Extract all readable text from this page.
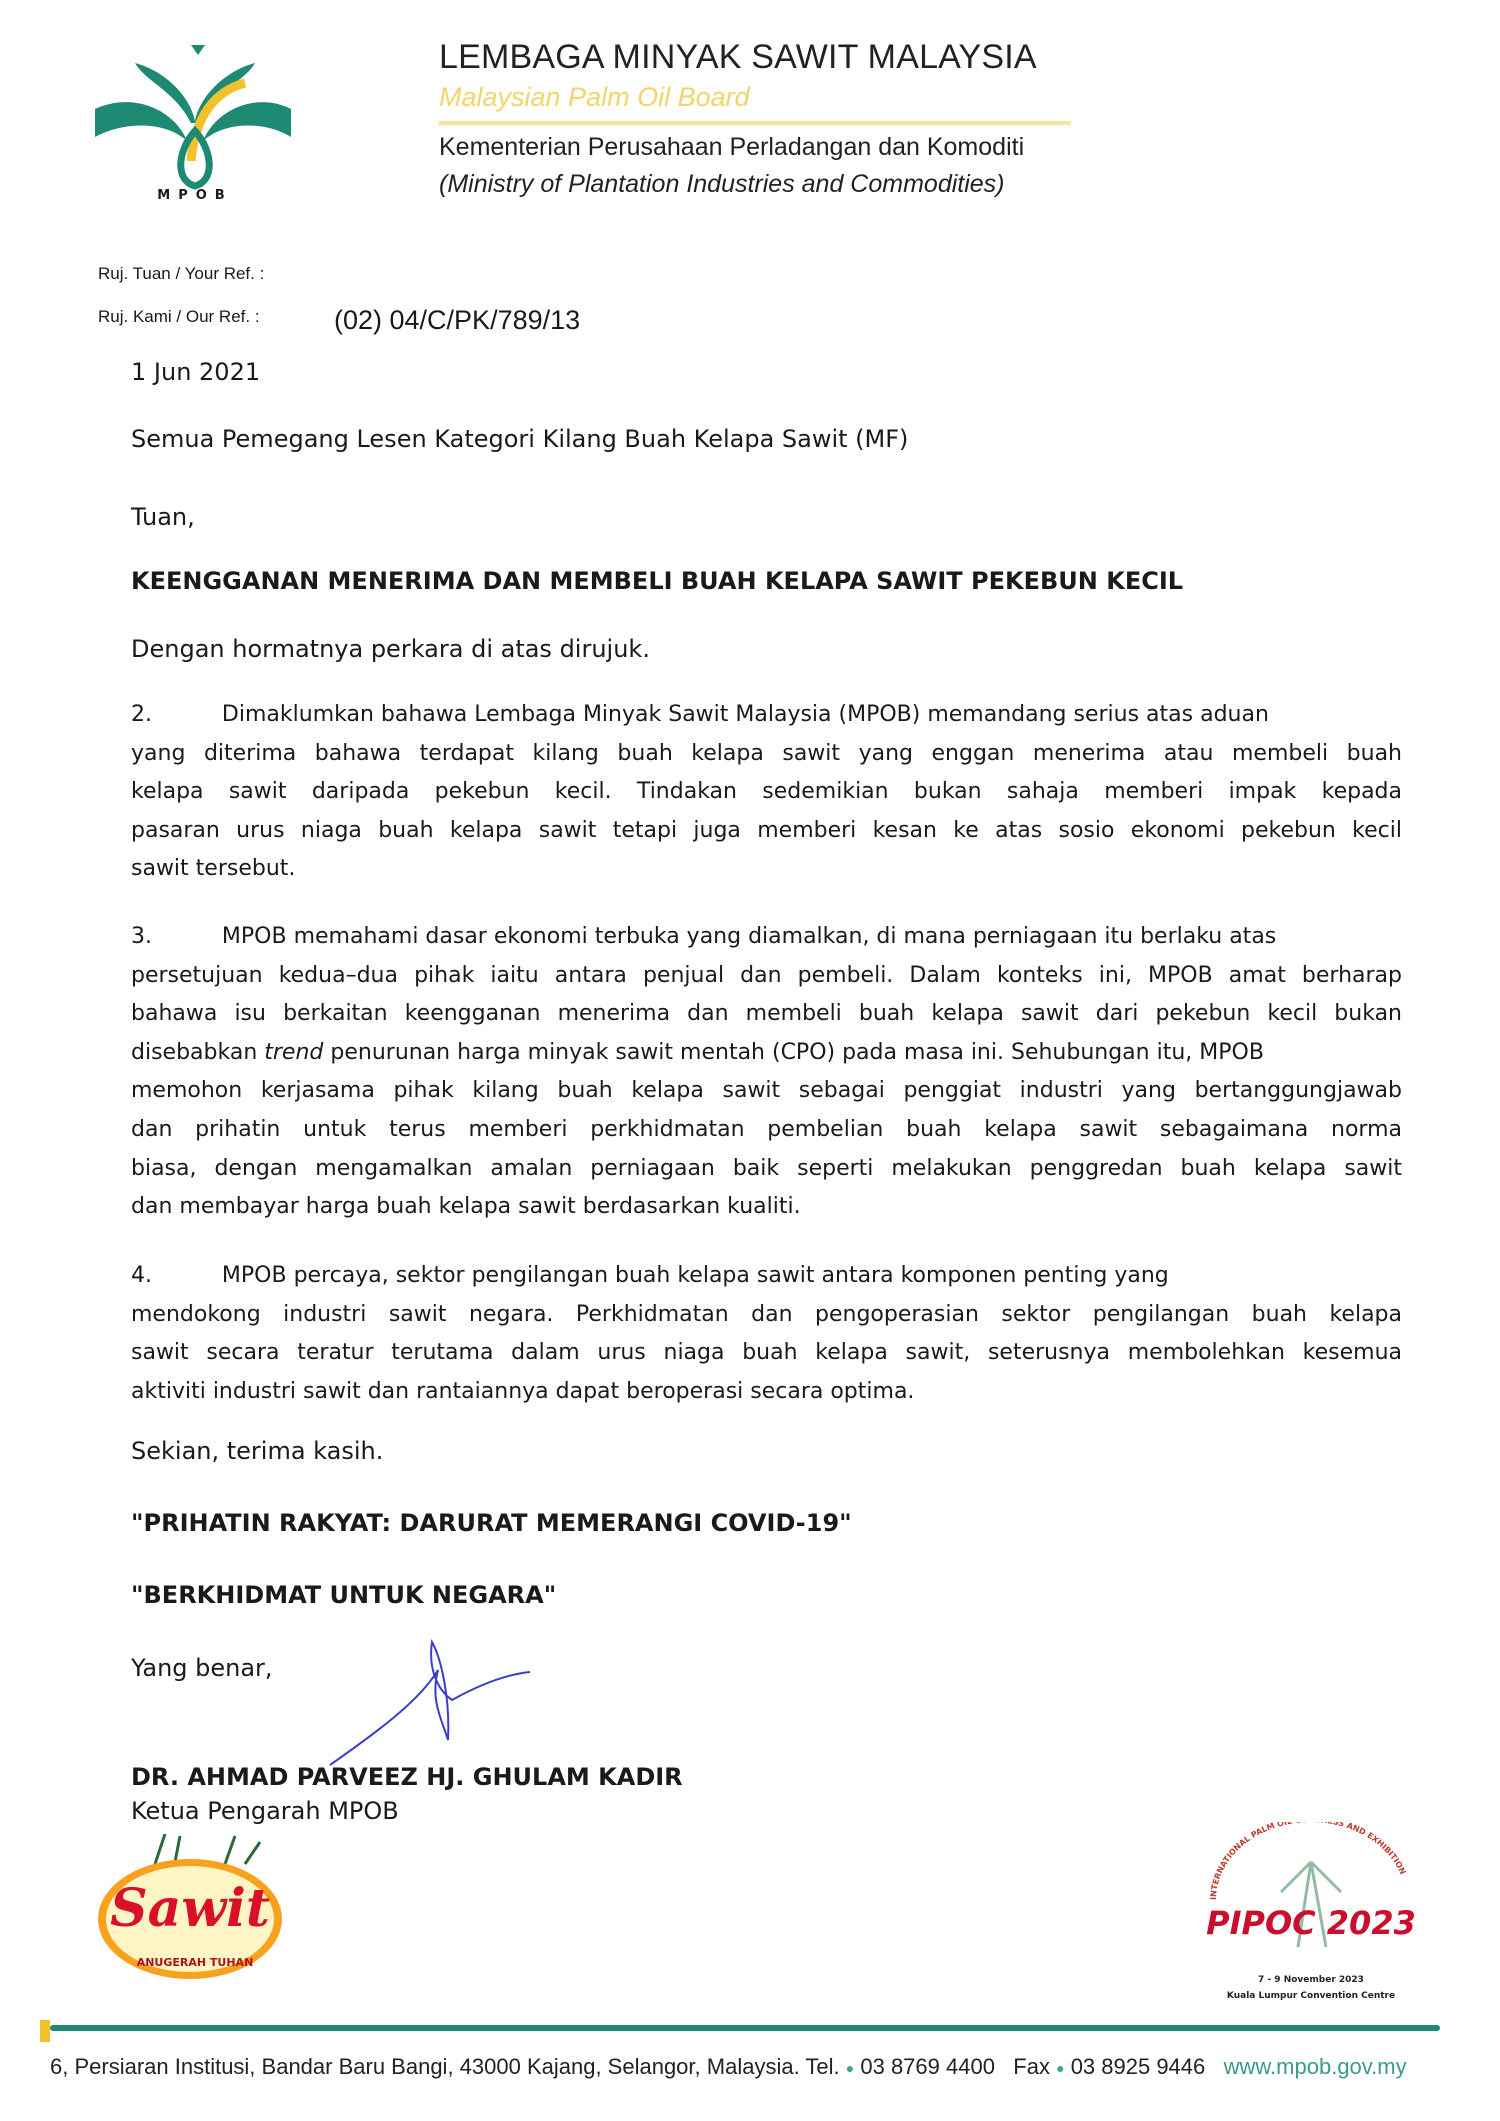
MPOB
LEMBAGA MINYAK SAWIT MALAYSIA
Malaysian Palm Oil Board
Kementerian Perusahaan Perladangan dan Komoditi
(Ministry of Plantation Industries and Commodities)
Ruj. Tuan / Your Ref. :
Ruj. Kami / Our Ref. :	(02) 04/C/PK/789/13
1 Jun 2021
Semua Pemegang Lesen Kategori Kilang Buah Kelapa Sawit (MF)
Tuan,
KEENGGANAN MENERIMA DAN MEMBELI BUAH KELAPA SAWIT PEKEBUN KECIL
Dengan hormatnya perkara di atas dirujuk.
2.          Dimaklumkan bahawa Lembaga Minyak Sawit Malaysia (MPOB) memandang serius atas aduan
yang diterima bahawa terdapat kilang buah kelapa sawit yang enggan menerima atau membeli buah
kelapa sawit daripada pekebun kecil. Tindakan sedemikian bukan sahaja memberi impak kepada
pasaran urus niaga buah kelapa sawit tetapi juga memberi kesan ke atas sosio ekonomi pekebun kecil
sawit tersebut.
3.          MPOB memahami dasar ekonomi terbuka yang diamalkan, di mana perniagaan itu berlaku atas
persetujuan kedua–dua pihak iaitu antara penjual dan pembeli. Dalam konteks ini, MPOB amat berharap
bahawa isu berkaitan keengganan menerima dan membeli buah kelapa sawit dari pekebun kecil bukan
disebabkan trend penurunan harga minyak sawit mentah (CPO) pada masa ini. Sehubungan itu, MPOB
memohon kerjasama pihak kilang buah kelapa sawit sebagai penggiat industri yang bertanggungjawab
dan prihatin untuk terus memberi perkhidmatan pembelian buah kelapa sawit sebagaimana norma
biasa, dengan mengamalkan amalan perniagaan baik seperti melakukan penggredan buah kelapa sawit
dan membayar harga buah kelapa sawit berdasarkan kualiti.
4.          MPOB percaya, sektor pengilangan buah kelapa sawit antara komponen penting yang
mendokong industri sawit negara. Perkhidmatan dan pengoperasian sektor pengilangan buah kelapa
sawit secara teratur terutama dalam urus niaga buah kelapa sawit, seterusnya membolehkan kesemua
aktiviti industri sawit dan rantaiannya dapat beroperasi secara optima.
Sekian, terima kasih.
"PRIHATIN RAKYAT: DARURAT MEMERANGI COVID-19"
"BERKHIDMAT UNTUK NEGARA"
Yang benar,
DR. AHMAD PARVEEZ HJ. GHULAM KADIR
Ketua Pengarah MPOB
Sawit
ANUGERAH TUHAN
INTERNATIONAL PALM OI SS AND EXHIBITION
PIPOC 2023
7 - 9 November 2023
Kuala Lumpur Convention Centre
6, Persiaran Institusi, Bandar Baru Bangi, 43000 Kajang, Selangor, Malaysia. Tel. ● 03 8769 4400 Fax ● 03 8925 9446 www.mpob.gov.my
